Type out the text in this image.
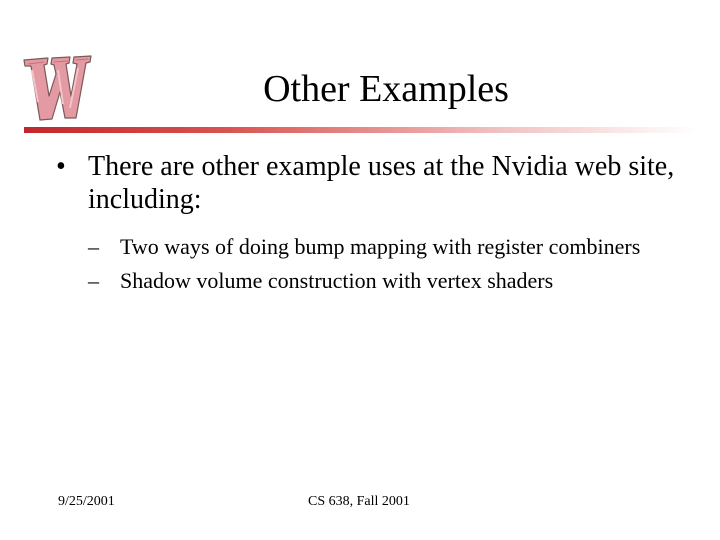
Other Examples
• There are other example uses at the Nvidia web site, including:
– Two ways of doing bump mapping with register combiners
– Shadow volume construction with vertex shaders
9/25/2001	CS 638, Fall 2001
